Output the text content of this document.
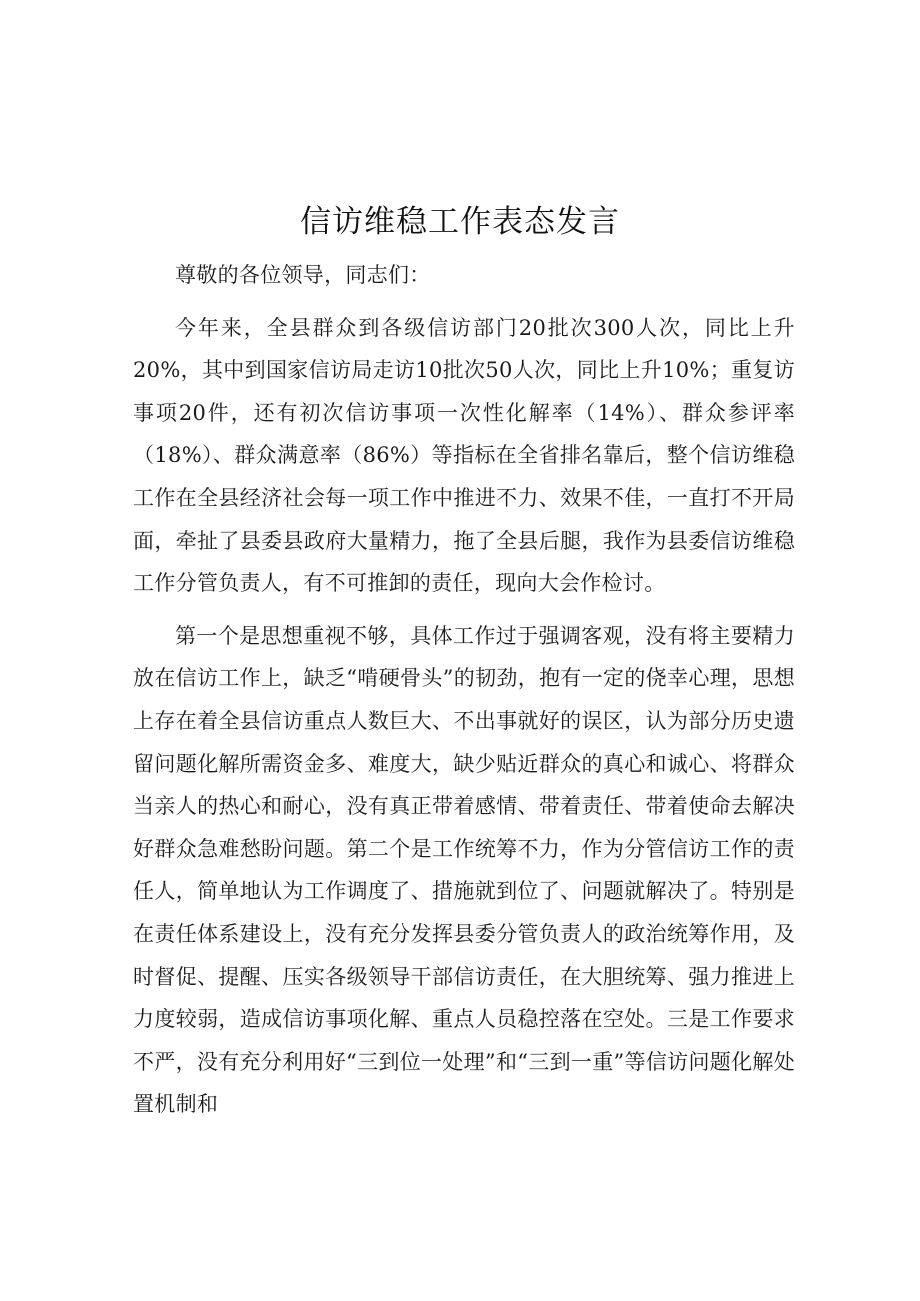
信访维稳工作表态发言

尊敬的各位领导，同志们：

今年来，全县群众到各级信访部门20批次300人次，同比上升20%，其中到国家信访局走访10批次50人次，同比上升10%；重复访事项20件，还有初次信访事项一次性化解率（14%）、群众参评率（18%）、群众满意率（86%）等指标在全省排名靠后，整个信访维稳工作在全县经济社会每一项工作中推进不力、效果不佳，一直打不开局面，牵扯了县委县政府大量精力，拖了全县后腿，我作为县委信访维稳工作分管负责人，有不可推卸的责任，现向大会作检讨。

第一个是思想重视不够，具体工作过于强调客观，没有将主要精力放在信访工作上，缺乏“啃硬骨头”的韧劲，抱有一定的侥幸心理，思想上存在着全县信访重点人数巨大、不出事就好的误区，认为部分历史遗留问题化解所需资金多、难度大，缺少贴近群众的真心和诚心、将群众当亲人的热心和耐心，没有真正带着感情、带着责任、带着使命去解决好群众急难愁盼问题。第二个是工作统筹不力，作为分管信访工作的责任人，简单地认为工作调度了、措施就到位了、问题就解决了。特别是在责任体系建设上，没有充分发挥县委分管负责人的政治统筹作用，及时督促、提醒、压实各级领导干部信访责任，在大胆统筹、强力推进上力度较弱，造成信访事项化解、重点人员稳控落在空处。三是工作要求不严，没有充分利用好“三到位一处理”和“三到一重”等信访问题化解处置机制和
